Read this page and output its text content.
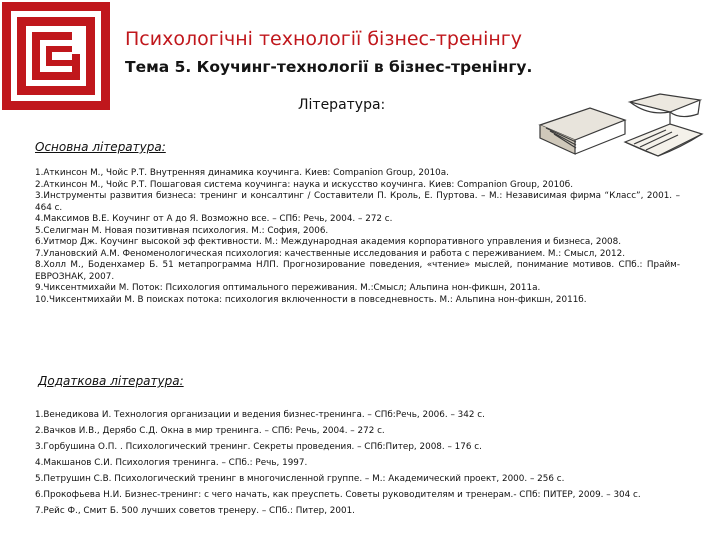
Психологічні технології бізнес-тренінгу
Тема 5. Коучинг-технології в бізнес-тренінгу.
Література:
Основна література:
1.Аткинсон М., Чойс Р.Т. Внутренняя динамика коучинга. Киев: Companion Group, 2010а.
2.Аткинсон М., Чойс Р.Т. Пошаговая система коучинга: наука и искусство коучинга. Киев: Companion Group, 2010б.
3.Инструменты развития бизнеса: тренинг и консалтинг / Составители П. Кроль, Е. Пуртова. – М.: Независимая фирма “Класс”, 2001. – 464 с.
4.Максимов В.Е. Коучинг от А до Я. Возможно все. – СПб: Речь, 2004. – 272 с.
5.Селигман М. Новая позитивная психология. М.: София, 2006.
6.Уитмор Дж. Коучинг высокой эф фективности. М.: Международная академия корпоративного управления и бизнеса, 2008.
7.Улановский А.М. Феноменологическая психология: качественные исследования и работа с переживанием. М.: Смысл, 2012.
8.Холл М., Боденхамер Б. 51 метапрограмма НЛП. Прогнозирование поведения, «чтение» мыслей, понимание мотивов. СПб.: Прайм-ЕВРОЗНАК, 2007.
9.Чиксентмихайи М. Поток: Психология оптимального переживания. М.:Смысл; Альпина нон-фикшн, 2011а.
10.Чиксентмихайи М. В поисках потока: психология включенности в повседневность. М.: Альпина нон-фикшн, 2011б.
Додаткова література:
1.Венедикова И. Технология организации и ведения бизнес-тренинга. – СПб:Речь, 2006. – 342 с.
2.Вачков И.В., Дерябо С.Д. Окна в мир тренинга. – СПб: Речь, 2004. – 272 с.
3.Горбушина О.П. . Психологический тренинг. Секреты проведения. – СПб:Питер, 2008. – 176 с.
4.Макшанов С.И. Психология тренинга. – СПб.: Речь, 1997.
5.Петрушин С.В. Психологический тренинг в многочисленной группе. – М.: Академический проект, 2000. – 256 с.
6.Прокофьева Н.И. Бизнес-тренинг: с чего начать, как преуспеть. Советы руководителям и тренерам.- СПб: ПИТЕР, 2009. – 304 с.
7.Рейс Ф., Смит Б. 500 лучших советов тренеру. – СПб.: Питер, 2001.
